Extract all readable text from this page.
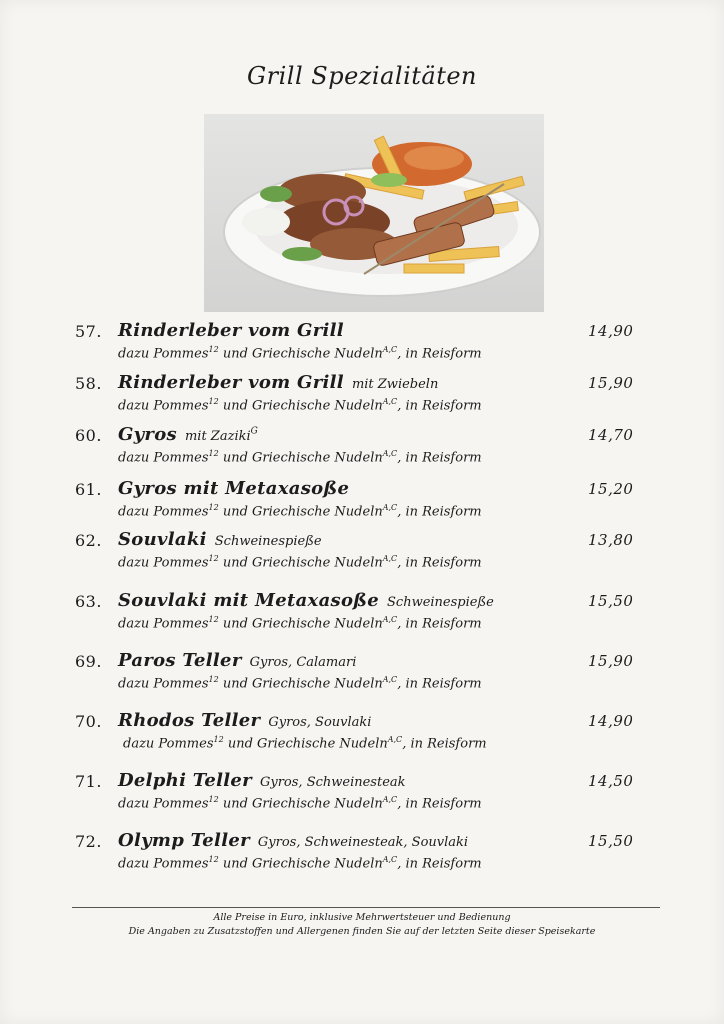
Grill Spezialitäten
57. Rinderleber vom Grill	14,90
dazu Pommes$^{12}$ und Griechische Nudeln$^{A,C}$, in Reisform
58. Rinderleber vom Grill mit Zwiebeln	15,90
dazu Pommes$^{12}$ und Griechische Nudeln$^{A,C}$, in Reisform
60. Gyros mit Zaziki$^G$	14,70
dazu Pommes$^{12}$ und Griechische Nudeln$^{A,C}$, in Reisform
61. Gyros mit Metaxasoße	15,20
dazu Pommes$^{12}$ und Griechische Nudeln$^{A,C}$, in Reisform
62. Souvlaki Schweinespieße	13,80
dazu Pommes$^{12}$ und Griechische Nudeln$^{A,C}$, in Reisform
63. Souvlaki mit Metaxasoße Schweinespieße	15,50
dazu Pommes$^{12}$ und Griechische Nudeln$^{A,C}$, in Reisform
69. Paros Teller Gyros, Calamari	15,90
dazu Pommes$^{12}$ und Griechische Nudeln$^{A,C}$, in Reisform
70. Rhodos Teller Gyros, Souvlaki	14,90
dazu Pommes$^{12}$ und Griechische Nudeln$^{A,C}$, in Reisform
71. Delphi Teller Gyros, Schweinesteak	14,50
dazu Pommes$^{12}$ und Griechische Nudeln$^{A,C}$, in Reisform
72. Olymp Teller Gyros, Schweinesteak, Souvlaki	15,50
dazu Pommes$^{12}$ und Griechische Nudeln$^{A,C}$, in Reisform
Alle Preise in Euro, inklusive Mehrwertsteuer und Bedienung
Die Angaben zu Zusatzstoffen und Allergenen finden Sie auf der letzten Seite dieser Speisekarte
